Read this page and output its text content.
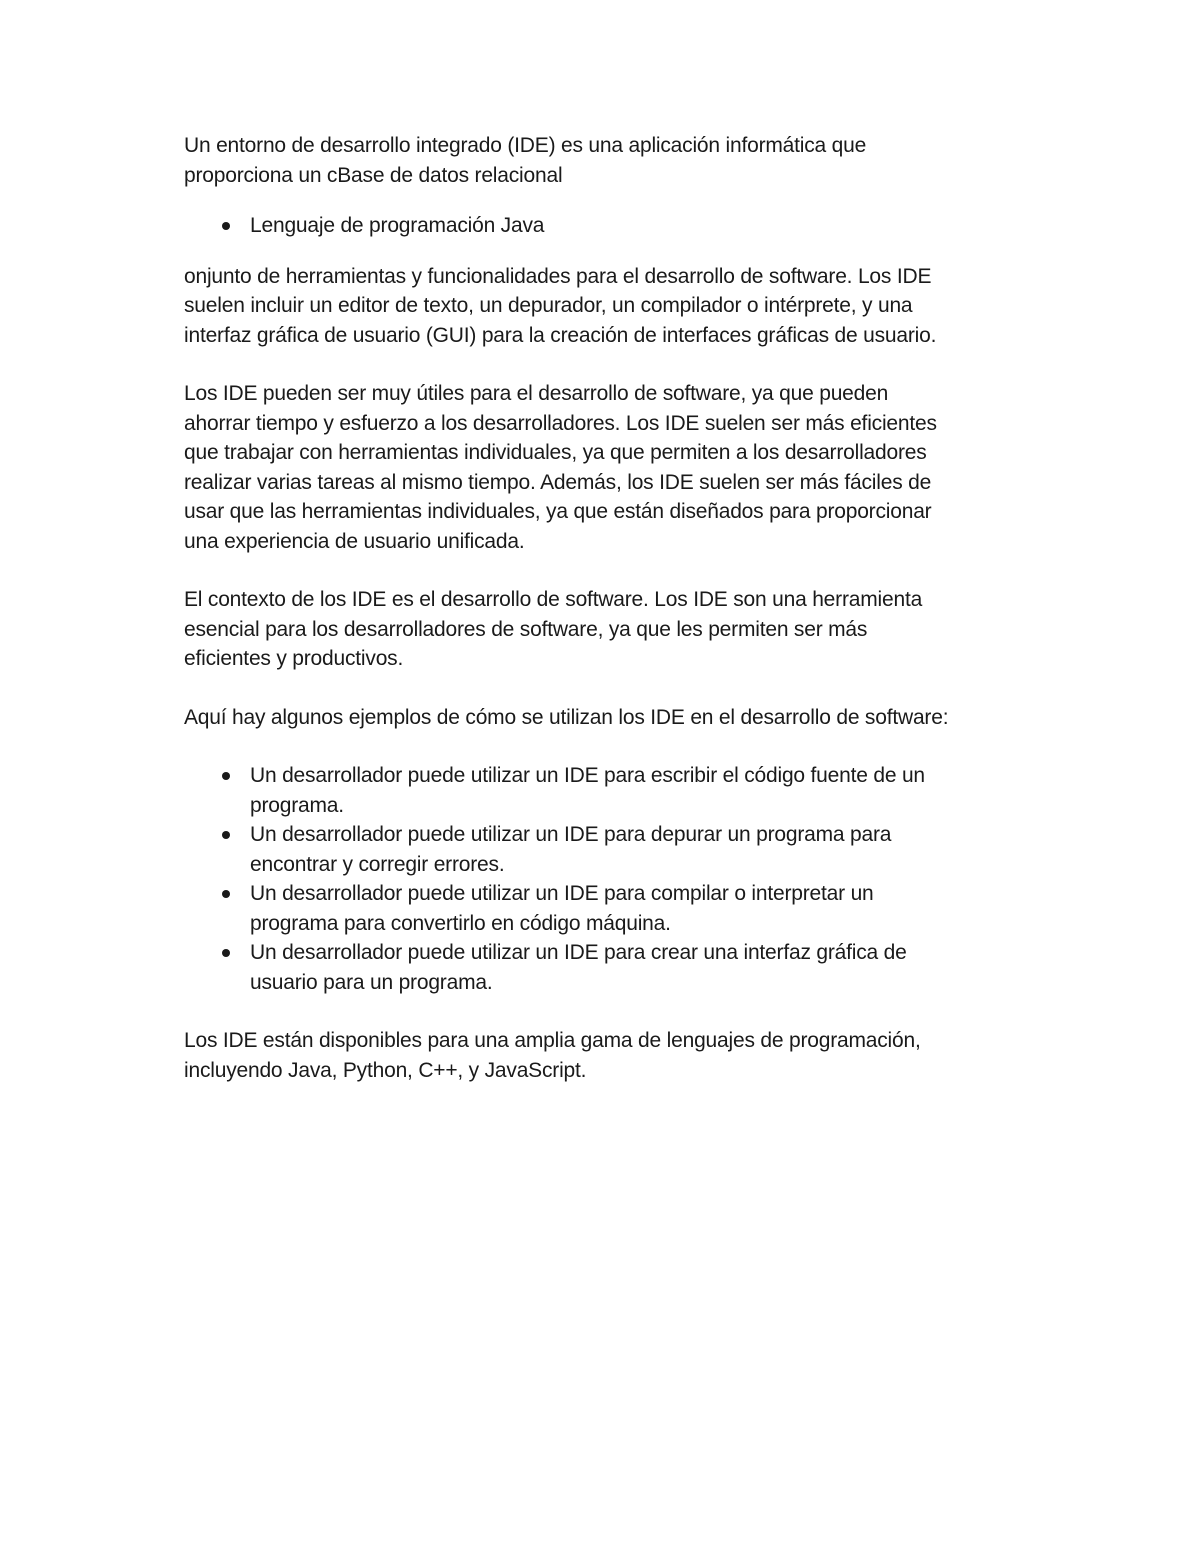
Un entorno de desarrollo integrado (IDE) es una aplicación informática que proporciona un cBase de datos relacional

Lenguaje de programación Java

onjunto de herramientas y funcionalidades para el desarrollo de software. Los IDE suelen incluir un editor de texto, un depurador, un compilador o intérprete, y una interfaz gráfica de usuario (GUI) para la creación de interfaces gráficas de usuario.

Los IDE pueden ser muy útiles para el desarrollo de software, ya que pueden ahorrar tiempo y esfuerzo a los desarrolladores. Los IDE suelen ser más eficientes que trabajar con herramientas individuales, ya que permiten a los desarrolladores realizar varias tareas al mismo tiempo. Además, los IDE suelen ser más fáciles de usar que las herramientas individuales, ya que están diseñados para proporcionar una experiencia de usuario unificada.

El contexto de los IDE es el desarrollo de software. Los IDE son una herramienta esencial para los desarrolladores de software, ya que les permiten ser más eficientes y productivos.

Aquí hay algunos ejemplos de cómo se utilizan los IDE en el desarrollo de software:

Un desarrollador puede utilizar un IDE para escribir el código fuente de un programa.
Un desarrollador puede utilizar un IDE para depurar un programa para encontrar y corregir errores.
Un desarrollador puede utilizar un IDE para compilar o interpretar un programa para convertirlo en código máquina.
Un desarrollador puede utilizar un IDE para crear una interfaz gráfica de usuario para un programa.

Los IDE están disponibles para una amplia gama de lenguajes de programación, incluyendo Java, Python, C++, y JavaScript.
